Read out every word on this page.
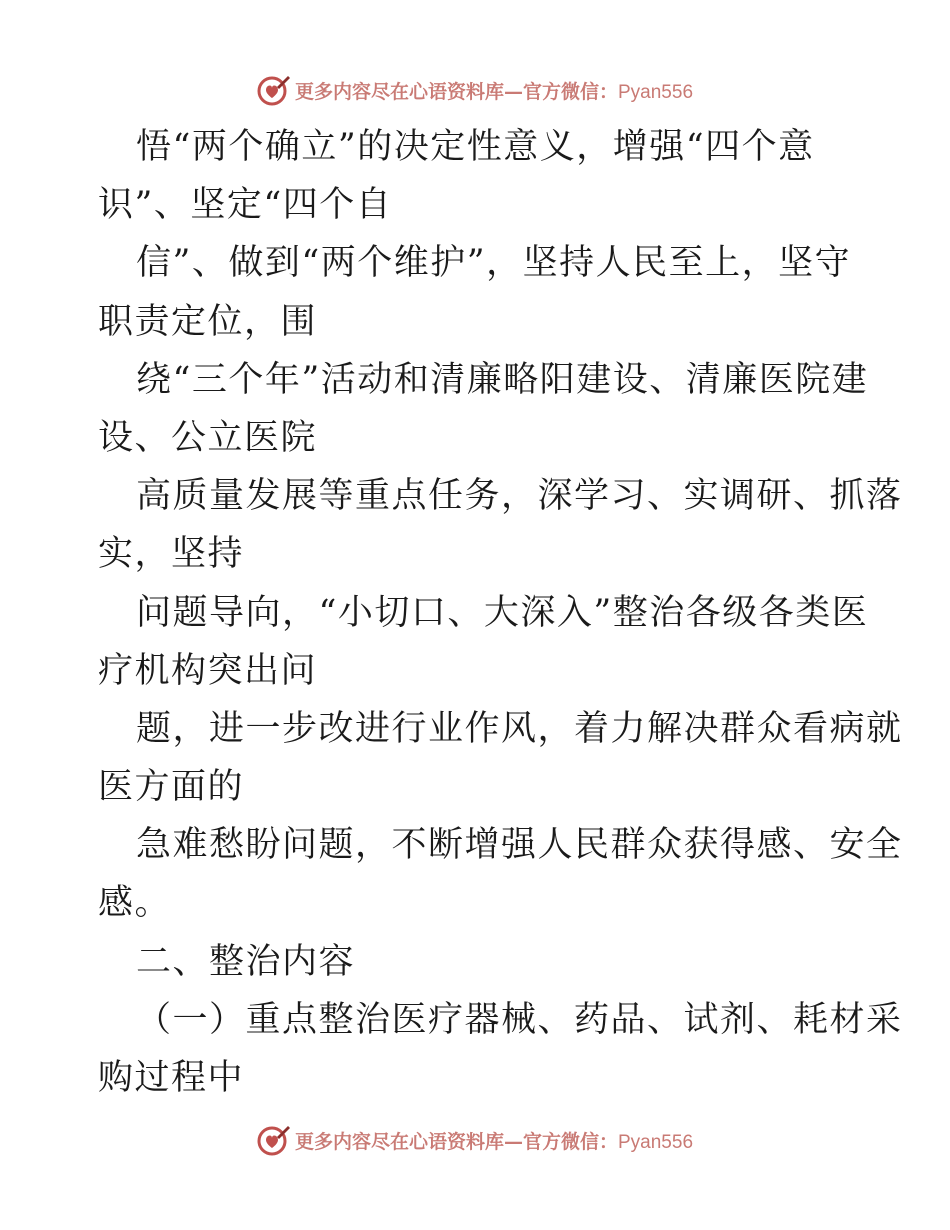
更多内容尽在心语资料库—官方微信：Pyan556
悟“两个确立”的决定性意义，增强“四个意
识”、坚定“四个自
信”、做到“两个维护”，坚持人民至上，坚守
职责定位，围
绕“三个年”活动和清廉略阳建设、清廉医院建
设、公立医院
高质量发展等重点任务，深学习、实调研、抓落
实，坚持
问题导向，“小切口、大深入”整治各级各类医
疗机构突出问
题，进一步改进行业作风，着力解决群众看病就
医方面的
急难愁盼问题，不断增强人民群众获得感、安全
感。
二、整治内容
（一）重点整治医疗器械、药品、试剂、耗材采
购过程中
更多内容尽在心语资料库—官方微信：Pyan556
